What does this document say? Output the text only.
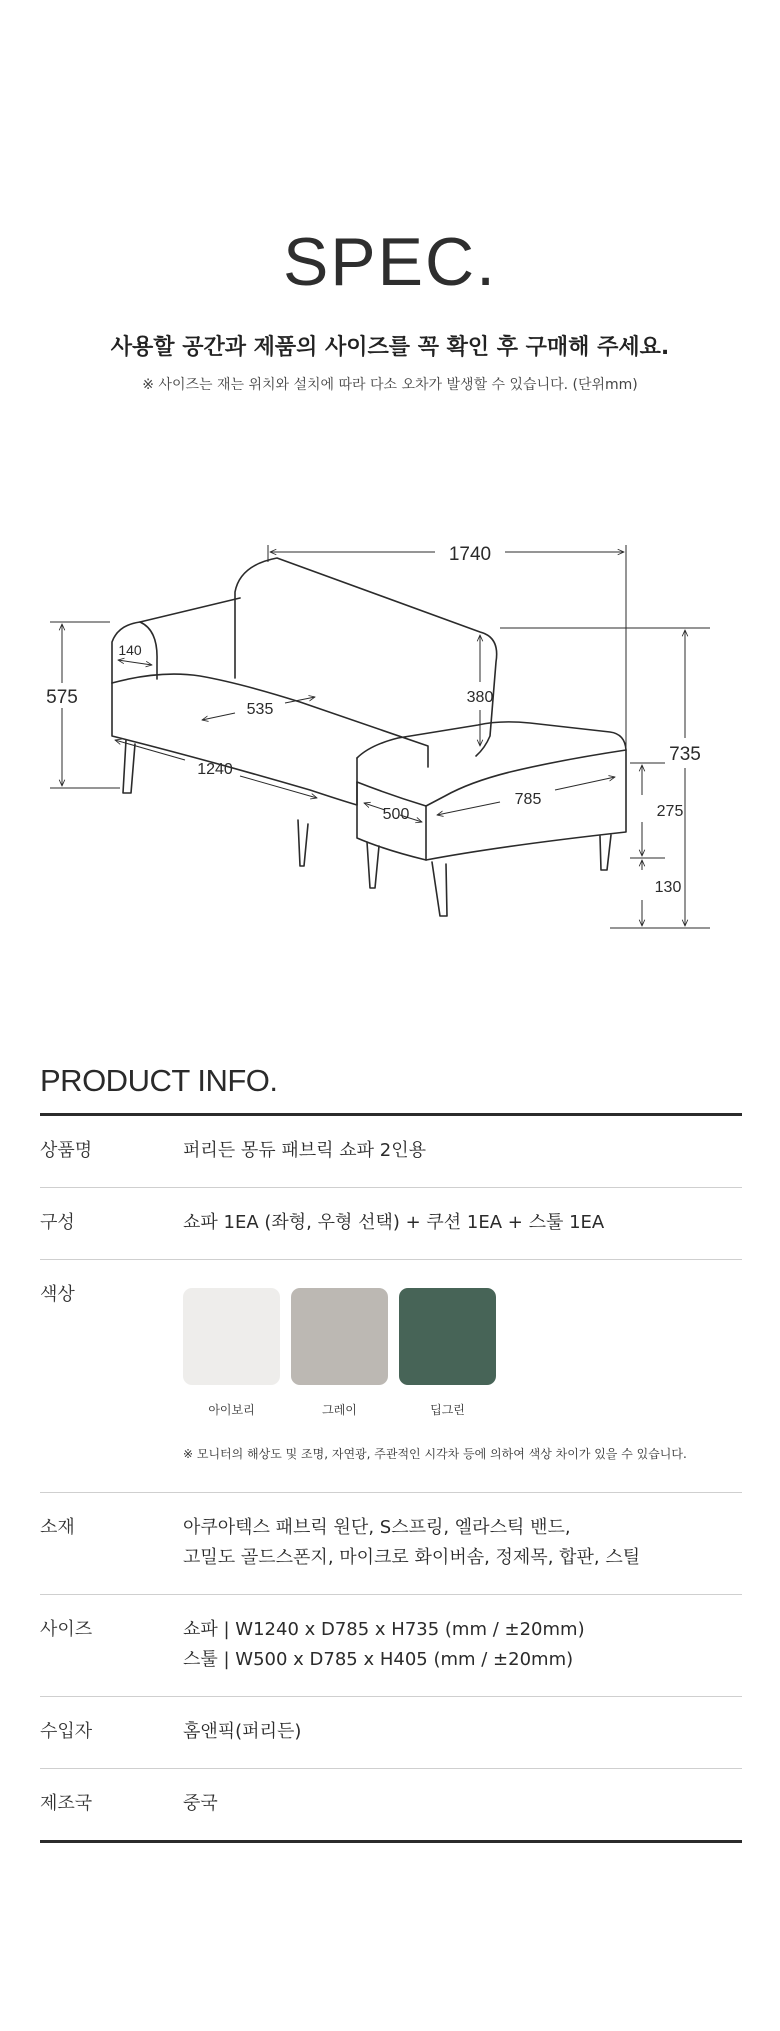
SPEC.

사용할 공간과 제품의 사이즈를 꼭 확인 후 구매해 주세요.

※ 사이즈는 재는 위치와 설치에 따라 다소 오차가 발생할 수 있습니다. (단위mm)

1740
575
140
380
735
535
1240
500
785
275
130
PRODUCT INFO.
상품명	퍼리든 몽듀 패브릭 쇼파 2인용
구성	쇼파 1EA (좌형, 우형 선택) + 쿠션 1EA + 스툴 1EA
색상
아이보리	그레이	딥그린
※ 모니터의 해상도 및 조명, 자연광, 주관적인 시각차 등에 의하여 색상 차이가 있을 수 있습니다.
소재	아쿠아텍스 패브릭 원단, S스프링, 엘라스틱 밴드,
고밀도 골드스폰지, 마이크로 화이버솜, 정제목, 합판, 스틸
사이즈	쇼파 | W1240 x D785 x H735 (mm / ±20mm)
스툴 | W500 x D785 x H405 (mm / ±20mm)
수입자	홈앤픽(퍼리든)
제조국	중국
